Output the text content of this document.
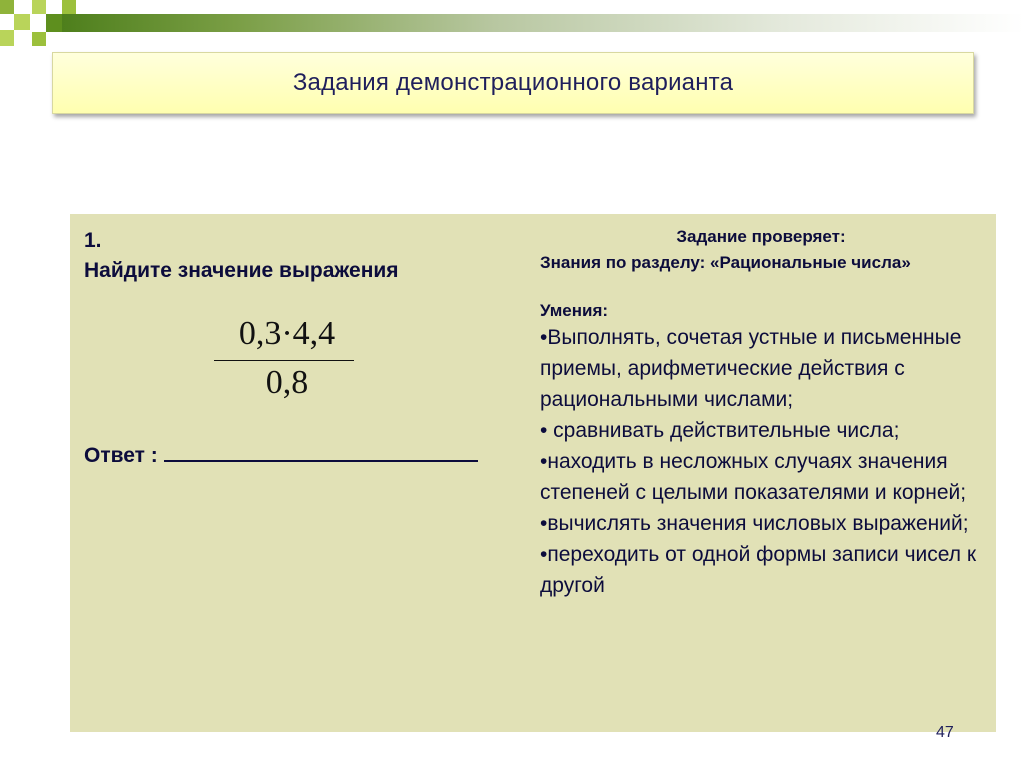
Задания демонстрационного варианта
1.
Найдите значение выражения
0,3·4,4
0,8
Ответ :
Задание проверяет:
Знания по разделу: «Рациональные числа»
Умения:
•Выполнять, сочетая устные и письменные приемы, арифметические действия с рациональными числами;
• сравнивать действительные числа;
•находить в несложных случаях значения степеней с целыми показателями и корней;
•вычислять значения числовых выражений;
•переходить от одной формы записи чисел к другой
47
